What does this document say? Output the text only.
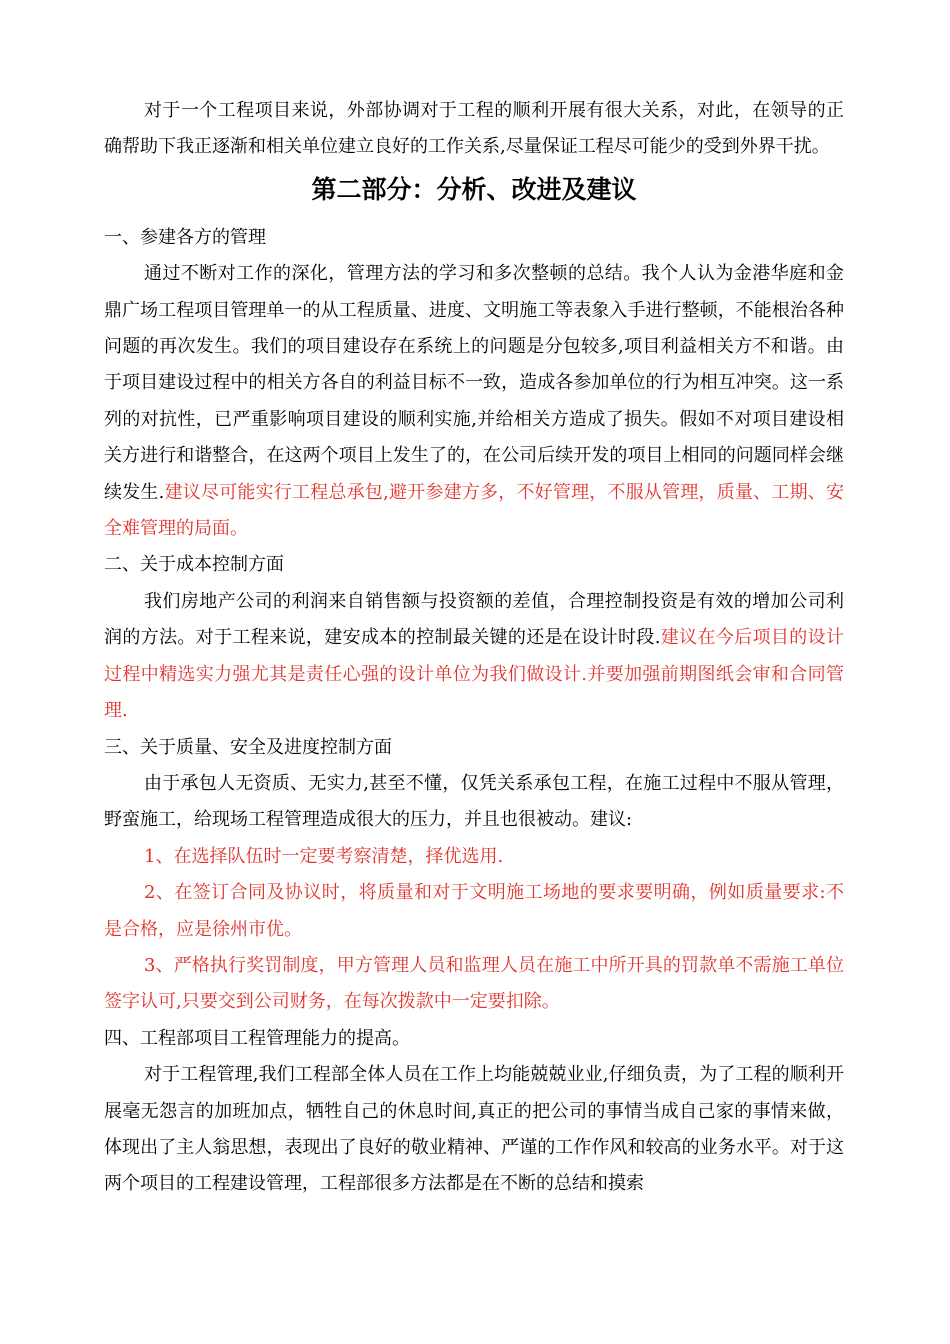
对于一个工程项目来说，外部协调对于工程的顺利开展有很大关系，对此，在领导的正确帮助下我正逐渐和相关单位建立良好的工作关系,尽量保证工程尽可能少的受到外界干扰。

第二部分：分析、改进及建议

一、参建各方的管理

通过不断对工作的深化，管理方法的学习和多次整顿的总结。我个人认为金港华庭和金鼎广场工程项目管理单一的从工程质量、进度、文明施工等表象入手进行整顿，不能根治各种问题的再次发生。我们的项目建设存在系统上的问题是分包较多,项目利益相关方不和谐。由于项目建设过程中的相关方各自的利益目标不一致，造成各参加单位的行为相互冲突。这一系列的对抗性，已严重影响项目建设的顺利实施,并给相关方造成了损失。假如不对项目建设相关方进行和谐整合，在这两个项目上发生了的，在公司后续开发的项目上相同的问题同样会继续发生.建议尽可能实行工程总承包,避开参建方多，不好管理，不服从管理，质量、工期、安全难管理的局面。

二、关于成本控制方面

我们房地产公司的利润来自销售额与投资额的差值，合理控制投资是有效的增加公司利润的方法。对于工程来说，建安成本的控制最关键的还是在设计时段.建议在今后项目的设计过程中精选实力强尤其是责任心强的设计单位为我们做设计.并要加强前期图纸会审和合同管理.

三、关于质量、安全及进度控制方面

由于承包人无资质、无实力,甚至不懂，仅凭关系承包工程，在施工过程中不服从管理，野蛮施工，给现场工程管理造成很大的压力，并且也很被动。建议:

1、在选择队伍时一定要考察清楚，择优选用.

2、在签订合同及协议时，将质量和对于文明施工场地的要求要明确，例如质量要求:不是合格，应是徐州市优。

3、严格执行奖罚制度，甲方管理人员和监理人员在施工中所开具的罚款单不需施工单位签字认可,只要交到公司财务，在每次拨款中一定要扣除。

四、工程部项目工程管理能力的提高。

对于工程管理,我们工程部全体人员在工作上均能兢兢业业,仔细负责，为了工程的顺利开展毫无怨言的加班加点，牺牲自己的休息时间,真正的把公司的事情当成自己家的事情来做，体现出了主人翁思想，表现出了良好的敬业精神、严谨的工作作风和较高的业务水平。对于这两个项目的工程建设管理，工程部很多方法都是在不断的总结和摸索
